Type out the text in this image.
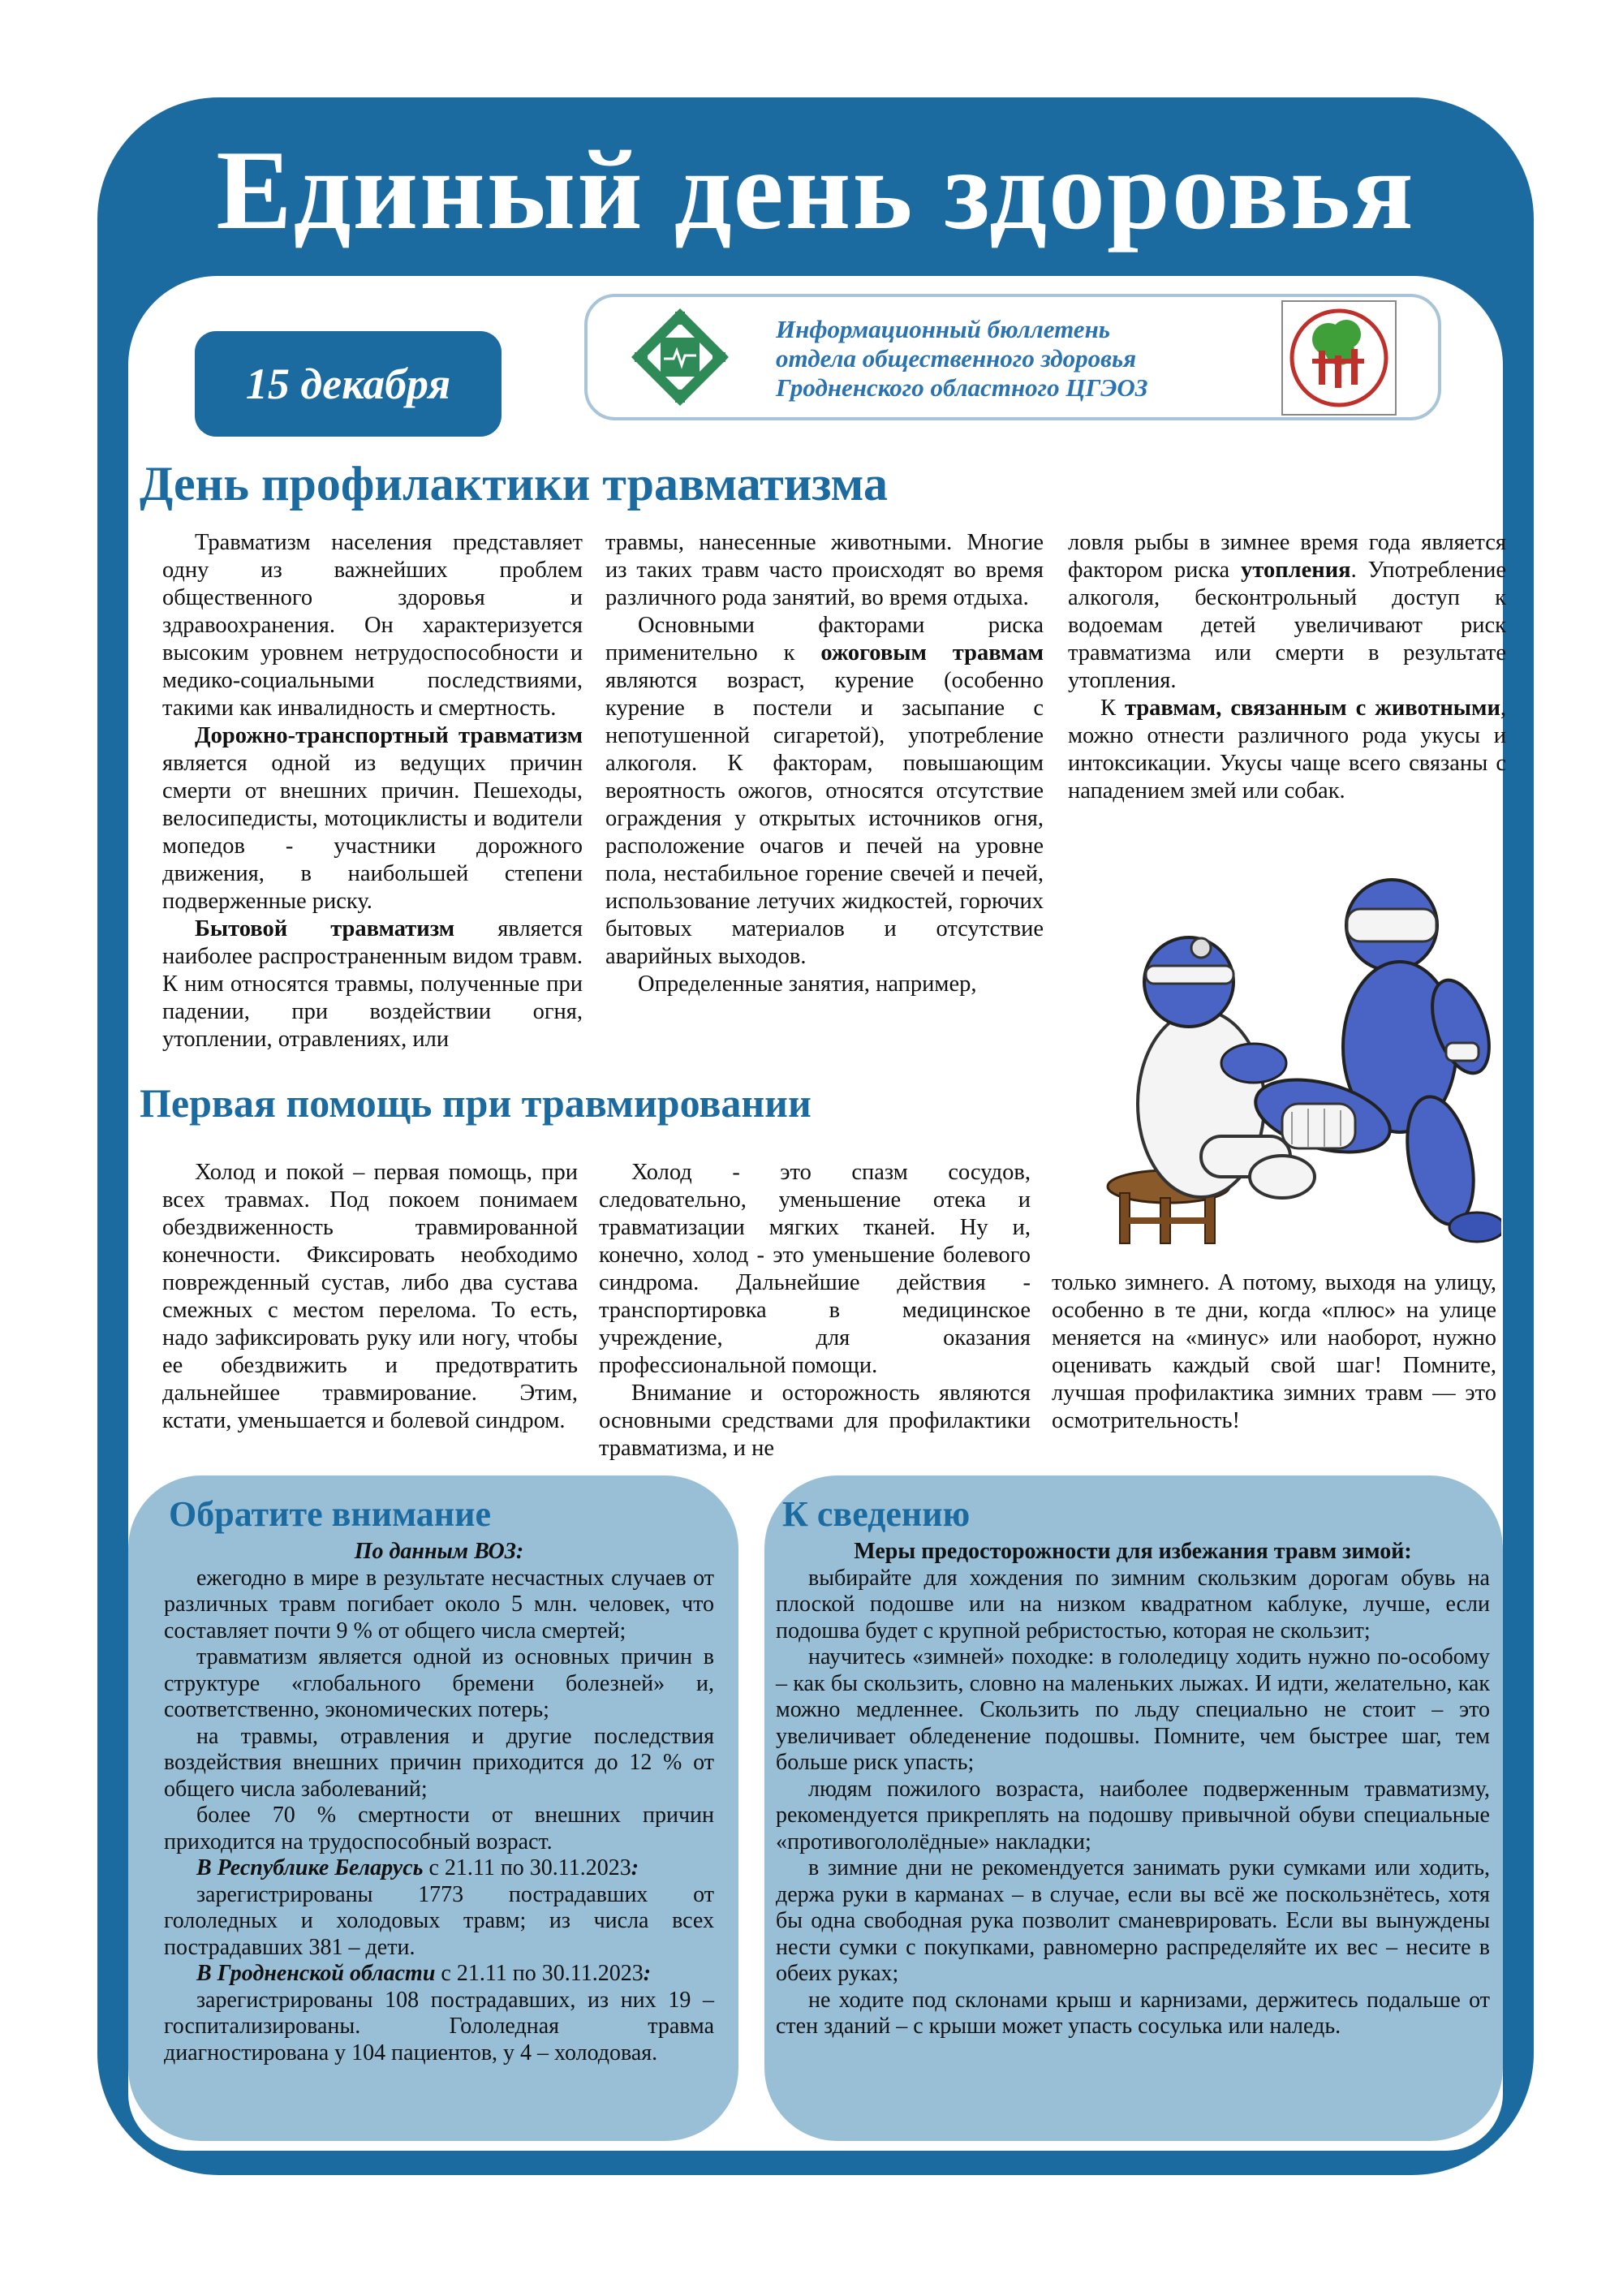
Единый день здоровья
15 декабря
Информационный бюллетень
отдела общественного здоровья
Гродненского областного ЦГЭОЗ
День профилактики травматизма

Травматизм населения представляет одну из важнейших проблем общественного здоровья и здравоохранения. Он характеризуется высоким уровнем нетрудоспособности и медико-социальными последствиями, такими как инвалидность и смертность.

Дорожно-транспортный травматизм является одной из ведущих причин смерти от внешних причин. Пешеходы, велосипедисты, мотоциклисты и водители мопедов - участники дорожного движения, в наибольшей степени подверженные риску.

Бытовой травматизм является наиболее распространенным видом травм. К ним относятся травмы, полученные при падении, при воздействии огня, утоплении, отравлениях, или

травмы, нанесенные животными. Многие из таких травм часто происходят во время различного рода занятий, во время отдыха.

Основными факторами риска применительно к ожоговым травмам являются возраст, курение (особенно курение в постели и засыпание с непотушенной сигаретой), употребление алкоголя. К факторам, повышающим вероятность ожогов, относятся отсутствие ограждения у открытых источников огня, расположение очагов и печей на уровне пола, нестабильное горение свечей и печей, использование летучих жидкостей, горючих бытовых материалов и отсутствие аварийных выходов.

Определенные занятия, например,

ловля рыбы в зимнее время года является фактором риска утопления. Употребление алкоголя, бесконтрольный доступ к водоемам детей увеличивают риск травматизма или смерти в результате утопления.

К травмам, связанным с животными, можно отнести различного рода укусы и интоксикации. Укусы чаще всего связаны с нападением змей или собак.

Первая помощь при травмировании

Холод и покой – первая помощь, при всех травмах. Под покоем понимаем обездвиженность травмированной конечности. Фиксировать необходимо поврежденный сустав, либо два сустава смежных с местом перелома. То есть, надо зафиксировать руку или ногу, чтобы ее обездвижить и предотвратить дальнейшее травмирование. Этим, кстати, уменьшается и болевой синдром.

Холод - это спазм сосудов, следовательно, уменьшение отека и травматизации мягких тканей. Ну и, конечно, холод - это уменьшение болевого синдрома. Дальнейшие действия - транспортировка в медицинское учреждение, для оказания профессиональной помощи.

Внимание и осторожность являются основными средствами для профилактики травматизма, и не

только зимнего. А потому, выходя на улицу, особенно в те дни, когда «плюс» на улице меняется на «минус» или наоборот, нужно оценивать каждый свой шаг! Помните, лучшая профилактика зимних травм — это осмотрительность!

Обратите внимание
По данным ВОЗ:

ежегодно в мире в результате несчастных случаев от различных травм погибает около 5 млн. человек, что составляет почти 9 % от общего числа смертей;

травматизм является одной из основных причин в структуре «глобального бремени болезней» и, соответственно, экономических потерь;

на травмы, отравления и другие последствия воздействия внешних причин приходится до 12 % от общего числа заболеваний;

более 70 % смертности от внешних причин приходится на трудоспособный возраст.

В Республике Беларусь с 21.11 по 30.11.2023:

зарегистрированы 1773 пострадавших от гололедных и холодовых травм; из числа всех пострадавших 381 – дети.

В Гродненской области с 21.11 по 30.11.2023:

зарегистрированы 108 пострадавших, из них 19 – госпитализированы. Гололедная травма диагностирована у 104 пациентов, у 4 – холодовая.

К сведению
Меры предосторожности для избежания травм зимой:

выбирайте для хождения по зимним скользким дорогам обувь на плоской подошве или на низком квадратном каблуке, лучше, если подошва будет с крупной ребристостью, которая не скользит;

научитесь «зимней» походке: в гололедицу ходить нужно по-особому – как бы скользить, словно на маленьких лыжах. И идти, желательно, как можно медленнее. Скользить по льду специально не стоит – это увеличивает обледенение подошвы. Помните, чем быстрее шаг, тем больше риск упасть;

людям пожилого возраста, наиболее подверженным травматизму, рекомендуется прикреплять на подошву привычной обуви специальные «противогололёдные» накладки;

в зимние дни не рекомендуется занимать руки сумками или ходить, держа руки в карманах – в случае, если вы всё же поскользнётесь, хотя бы одна свободная рука позволит сманеврировать. Если вы вынуждены нести сумки с покупками, равномерно распределяйте их вес – несите в обеих руках;

не ходите под склонами крыш и карнизами, держитесь подальше от стен зданий – с крыши может упасть сосулька или наледь.
